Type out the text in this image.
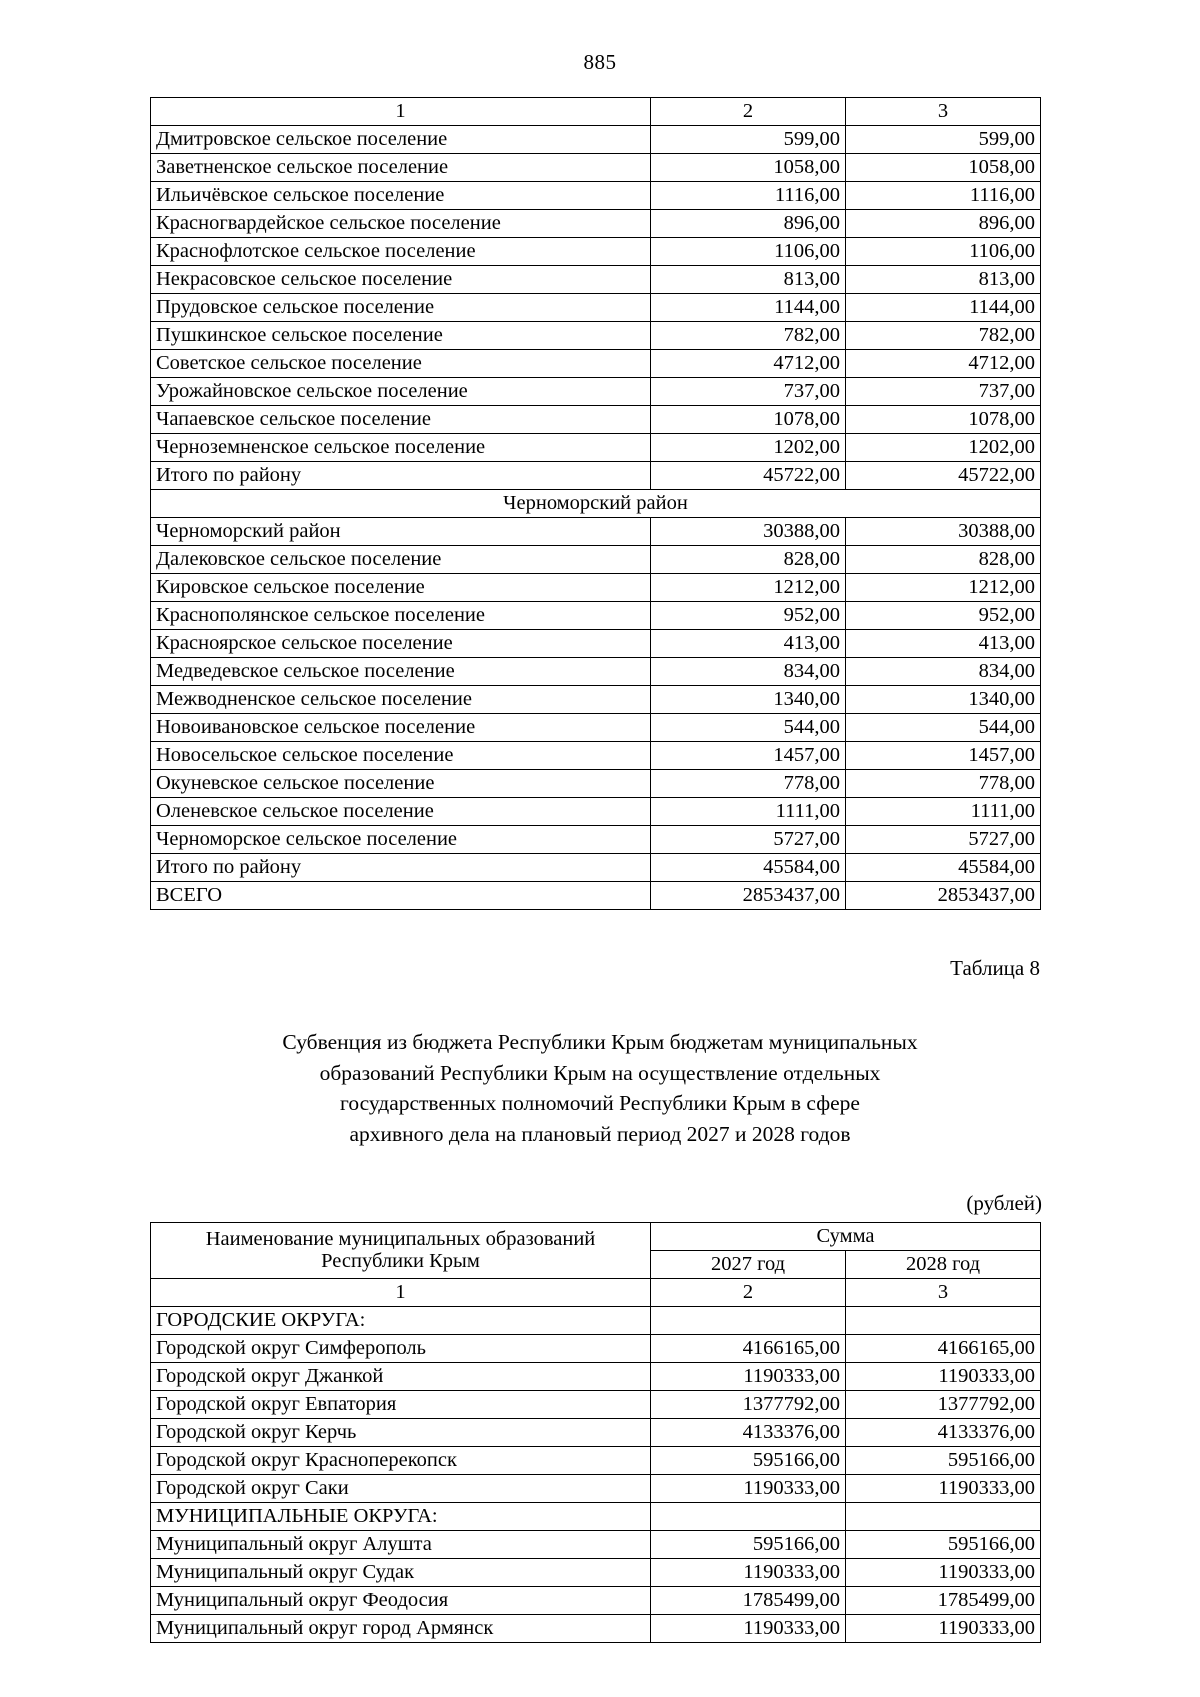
885
1	2	3
Дмитровское сельское поселение	599,00	599,00
Заветненское сельское поселение	1058,00	1058,00
Ильичёвское сельское поселение	1116,00	1116,00
Красногвардейское сельское поселение	896,00	896,00
Краснофлотское сельское поселение	1106,00	1106,00
Некрасовское сельское поселение	813,00	813,00
Прудовское сельское поселение	1144,00	1144,00
Пушкинское сельское поселение	782,00	782,00
Советское сельское поселение	4712,00	4712,00
Урожайновское сельское поселение	737,00	737,00
Чапаевское сельское поселение	1078,00	1078,00
Черноземненское сельское поселение	1202,00	1202,00
Итого по району	45722,00	45722,00
Черноморский район		
Черноморский район	30388,00	30388,00
Далековское сельское поселение	828,00	828,00
Кировское сельское поселение	1212,00	1212,00
Краснополянское сельское поселение	952,00	952,00
Красноярское сельское поселение	413,00	413,00
Медведевское сельское поселение	834,00	834,00
Межводненское сельское поселение	1340,00	1340,00
Новоивановское сельское поселение	544,00	544,00
Новосельское сельское поселение	1457,00	1457,00
Окуневское сельское поселение	778,00	778,00
Оленевское сельское поселение	1111,00	1111,00
Черноморское сельское поселение	5727,00	5727,00
Итого по району	45584,00	45584,00
ВСЕГО	2853437,00	2853437,00
Таблица 8
Субвенция из бюджета Республики Крым бюджетам муниципальных
образований Республики Крым на осуществление отдельных
государственных полномочий Республики Крым в сфере
архивного дела на плановый период 2027 и 2028 годов
(рублей)
Наименование муниципальных образований
Республики Крым	Сумма	
	2027 год	2028 год
1	2	3
ГОРОДСКИЕ ОКРУГА:		
Городской округ Симферополь	4166165,00	4166165,00
Городской округ Джанкой	1190333,00	1190333,00
Городской округ Евпатория	1377792,00	1377792,00
Городской округ Керчь	4133376,00	4133376,00
Городской округ Красноперекопск	595166,00	595166,00
Городской округ Саки	1190333,00	1190333,00
МУНИЦИПАЛЬНЫЕ ОКРУГА:		
Муниципальный округ Алушта	595166,00	595166,00
Муниципальный округ Судак	1190333,00	1190333,00
Муниципальный округ Феодосия	1785499,00	1785499,00
Муниципальный округ город Армянск	1190333,00	1190333,00
